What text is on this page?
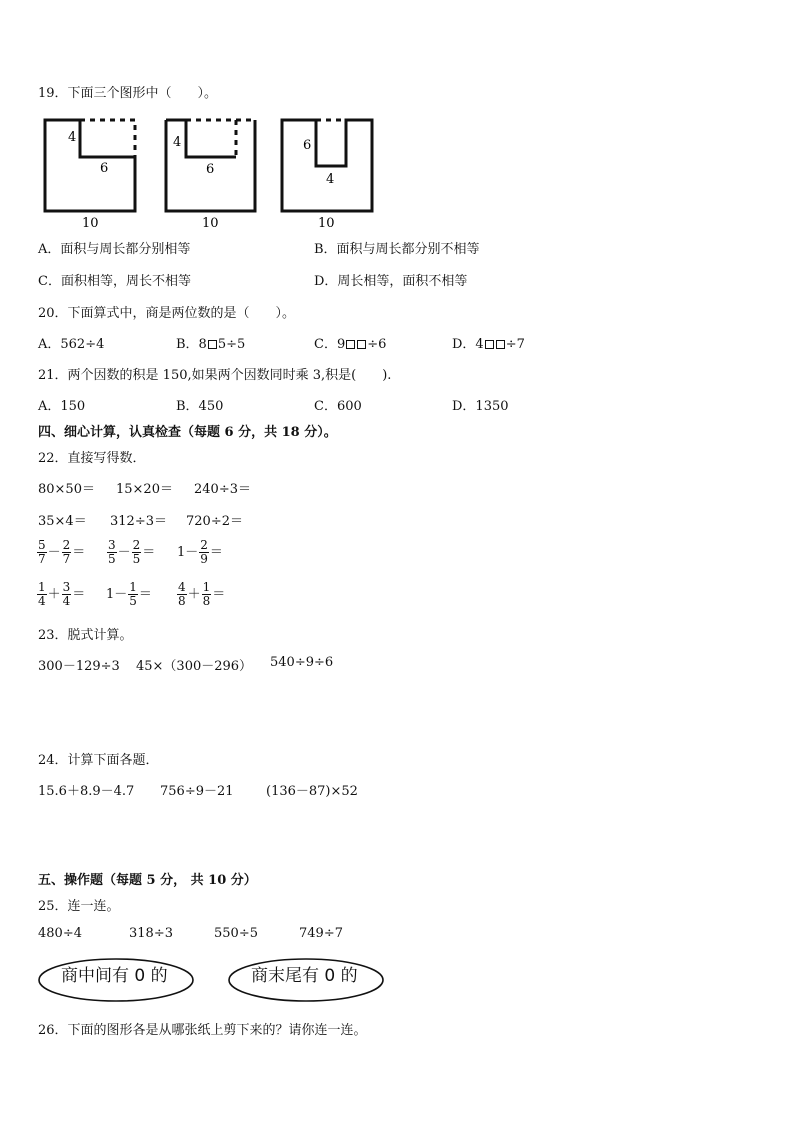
19．下面三个图形中（　　）。
4
6
10
4
6
10
6
4
10
A．面积与周长都分别相等	B．面积与周长都分别不相等
C．面积相等，周长不相等	D．周长相等，面积不相等
20．下面算式中，商是两位数的是（　　）。
A．562÷4	B．8 5÷5	C．9 ÷6	D．4 ÷7
21．两个因数的积是 150,如果两个因数同时乘 3,积是(　　).
A．150	B．450	C．600	D．1350
四、细心计算，认真检查（每题 6 分，共 18 分）。
22．直接写得数．
80×50＝ 15×20＝ 240÷3＝
35×4＝ 312÷3＝ 720÷2＝
$\frac{5}{7} - \frac{2}{7} = \frac{3}{5} - \frac{2}{5} = 1- \frac{2}{9}$ ＝
$\frac{1}{4} + \frac{3}{4} = 1- \frac{1}{5} = \frac{4}{8} + \frac{1}{8}$ ＝
23．脱式计算。
300－129÷3 45×（300－296） 540÷9÷6
24．计算下面各题．
15.6＋8.9－4.7 756÷9－21 (136－87)×52
五、操作题（每题 5 分， 共 10 分）
25．连一连。
480÷4	318÷3	550÷5	749÷7
商中间有 0 的	商末尾有 0 的
26．下面的图形各是从哪张纸上剪下来的？请你连一连。
